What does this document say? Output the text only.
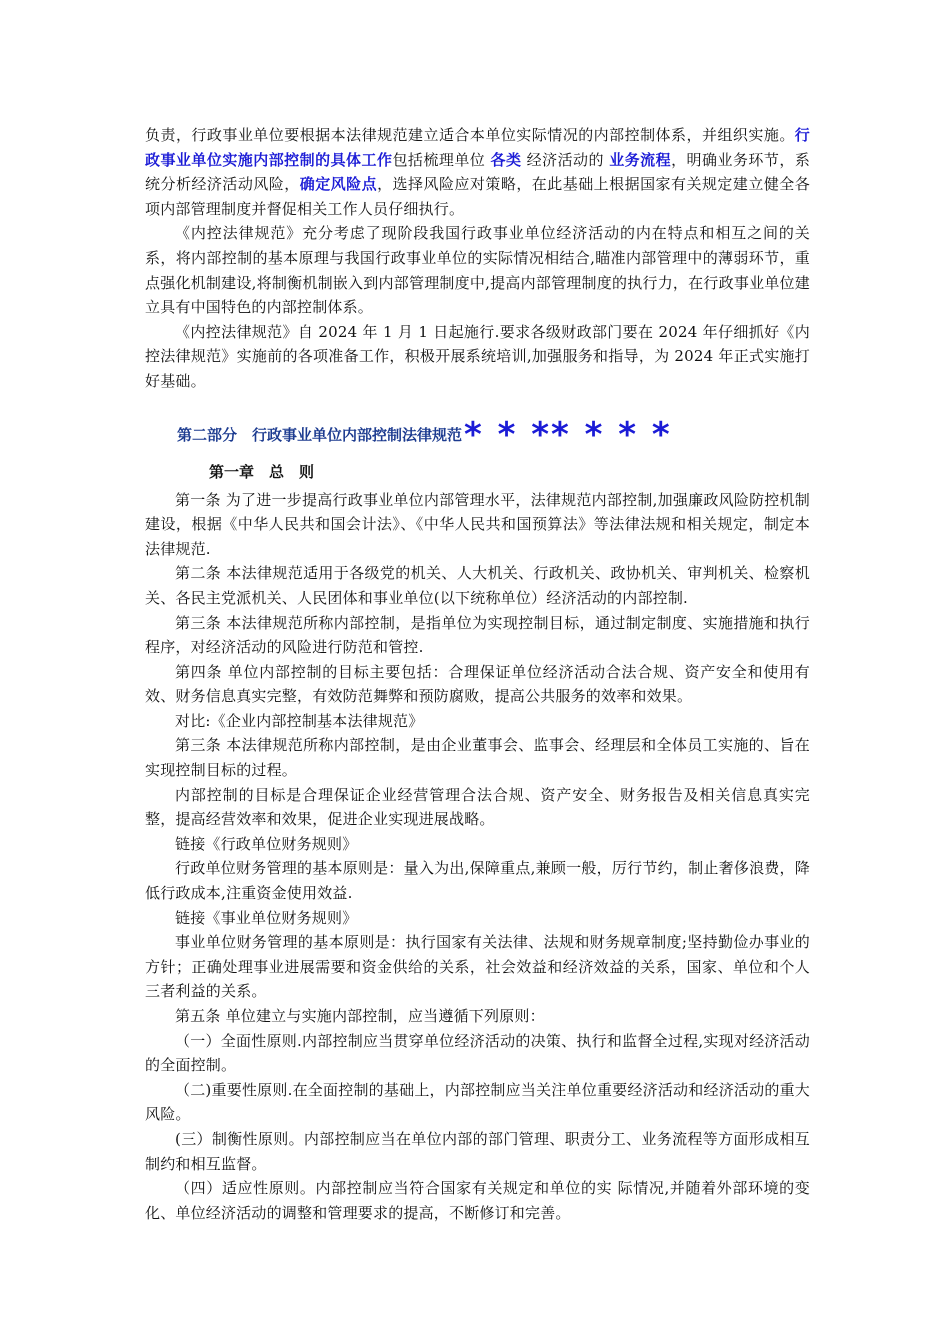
负责，行政事业单位要根据本法律规范建立适合本单位实际情况的内部控制体系，并组织实施。行政事业单位实施内部控制的具体工作包括梳理单位 各类 经济活动的 业务流程，明确业务环节，系统分析经济活动风险，确定风险点，选择风险应对策略，在此基础上根据国家有关规定建立健全各项内部管理制度并督促相关工作人员仔细执行。

《内控法律规范》充分考虑了现阶段我国行政事业单位经济活动的内在特点和相互之间的关系，将内部控制的基本原理与我国行政事业单位的实际情况相结合,瞄准内部管理中的薄弱环节，重点强化机制建设,将制衡机制嵌入到内部管理制度中,提高内部管理制度的执行力，在行政事业单位建立具有中国特色的内部控制体系。

《内控法律规范》自 2024 年 1 月 1 日起施行.要求各级财政部门要在 2024 年仔细抓好《内控法律规范》实施前的各项准备工作，积极开展系统培训,加强服务和指导，为 2024 年正式实施打好基础。

第二部分　行政事业单位内部控制法律规范* * ** * * *
第一章　总　则

第一条 为了进一步提高行政事业单位内部管理水平，法律规范内部控制,加强廉政风险防控机制建设，根据《中华人民共和国会计法》、《中华人民共和国预算法》等法律法规和相关规定，制定本法律规范.

第二条 本法律规范适用于各级党的机关、人大机关、行政机关、政协机关、审判机关、检察机关、各民主党派机关、人民团体和事业单位(以下统称单位）经济活动的内部控制.

第三条 本法律规范所称内部控制，是指单位为实现控制目标，通过制定制度、实施措施和执行程序，对经济活动的风险进行防范和管控.

第四条 单位内部控制的目标主要包括：合理保证单位经济活动合法合规、资产安全和使用有效、财务信息真实完整，有效防范舞弊和预防腐败，提高公共服务的效率和效果。

对比:《企业内部控制基本法律规范》

第三条 本法律规范所称内部控制，是由企业董事会、监事会、经理层和全体员工实施的、旨在实现控制目标的过程。

内部控制的目标是合理保证企业经营管理合法合规、资产安全、财务报告及相关信息真实完整，提高经营效率和效果，促进企业实现进展战略。

链接《行政单位财务规则》

行政单位财务管理的基本原则是：量入为出,保障重点,兼顾一般，厉行节约，制止奢侈浪费，降低行政成本,注重资金使用效益.

链接《事业单位财务规则》

事业单位财务管理的基本原则是：执行国家有关法律、法规和财务规章制度;坚持勤俭办事业的方针；正确处理事业进展需要和资金供给的关系，社会效益和经济效益的关系，国家、单位和个人三者利益的关系。

第五条 单位建立与实施内部控制，应当遵循下列原则：

（一）全面性原则.内部控制应当贯穿单位经济活动的决策、执行和监督全过程,实现对经济活动的全面控制。

（二)重要性原则.在全面控制的基础上，内部控制应当关注单位重要经济活动和经济活动的重大风险。

(三）制衡性原则。内部控制应当在单位内部的部门管理、职责分工、业务流程等方面形成相互制约和相互监督。

（四）适应性原则。内部控制应当符合国家有关规定和单位的实 际情况,并随着外部环境的变化、单位经济活动的调整和管理要求的提高，不断修订和完善。
